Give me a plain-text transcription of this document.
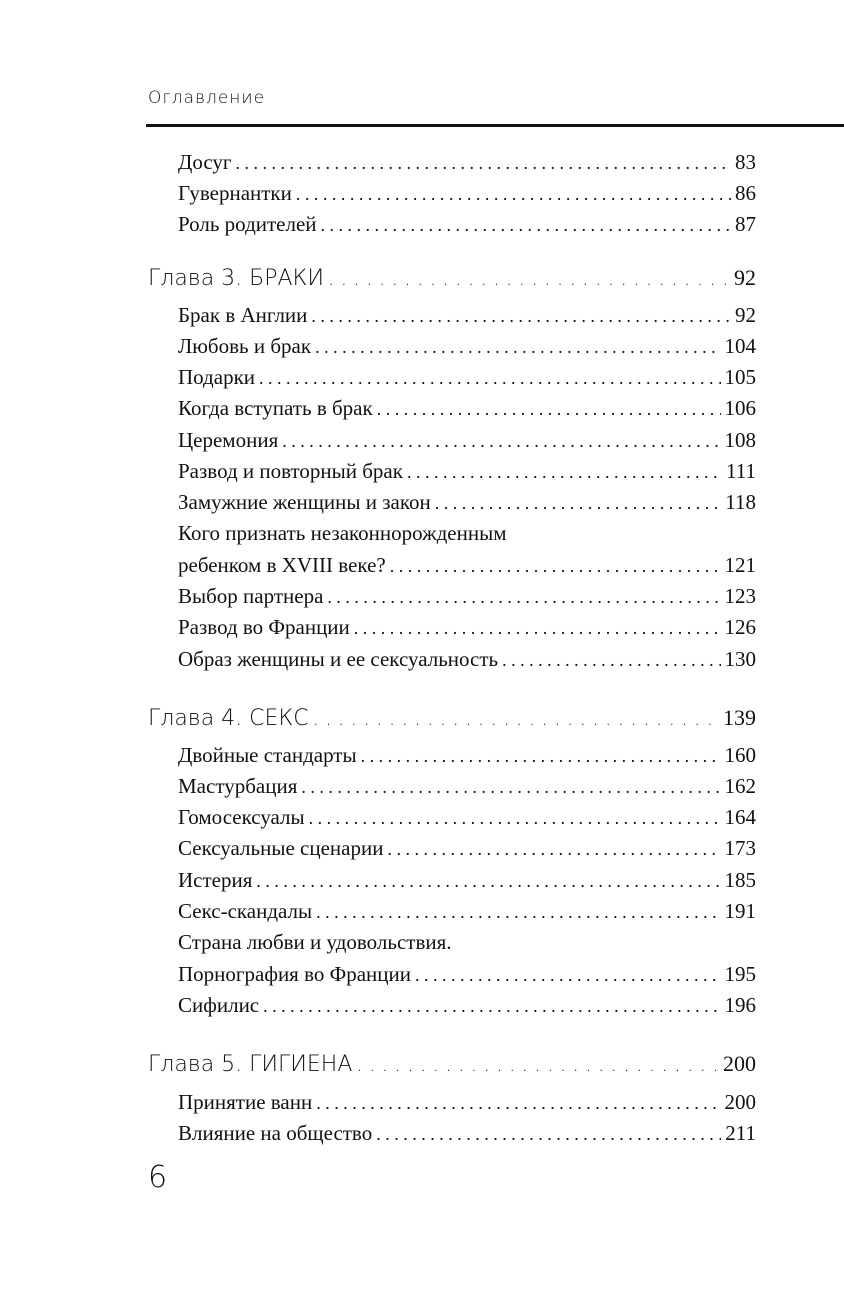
Оглавление
Досуг . . .	83
Гувернантки . . .	86
Роль родителей . . .	87
Глава 3. БРАКИ . . .	92
Брак в Англии . . .	92
Любовь и брак . . .	104
Подарки . . .	105
Когда вступать в брак . . .	106
Церемония . . .	108
Развод и повторный брак . . .	111
Замужние женщины и закон . . .	118
Кого признать незаконнорожденным
ребенком в XVIII веке? . . .	121
Выбор партнера . . .	123
Развод во Франции . . .	126
Образ женщины и ее сексуальность . . .	130
Глава 4. СЕКС . . .	139
Двойные стандарты . . .	160
Мастурбация . . .	162
Гомосексуалы . . .	164
Сексуальные сценарии . . .	173
Истерия . . .	185
Секс-скандалы . . .	191
Страна любви и удовольствия.
Порнография во Франции . . .	195
Сифилис . . .	196
Глава 5. ГИГИЕНА . . .	200
Принятие ванн . . .	200
Влияние на общество . . .	211
6
